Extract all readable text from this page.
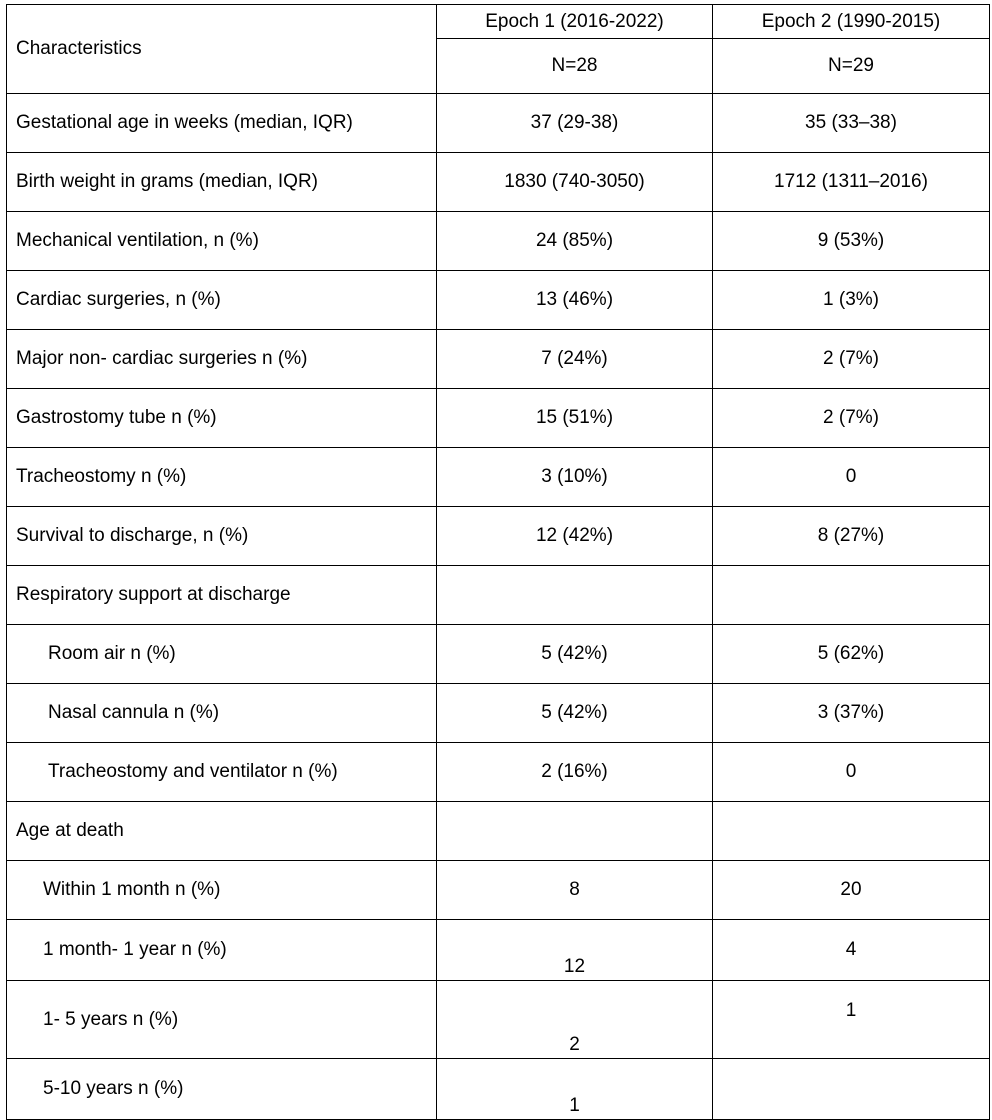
Characteristics	Epoch 1 (2016-2022)	Epoch 2 (1990-2015)
	N=28	N=29
Gestational age in weeks (median, IQR)	37 (29-38)	35 (33–38)
Birth weight in grams (median, IQR)	1830 (740-3050)	1712 (1311–2016)
Mechanical ventilation, n (%)	24 (85%)	9 (53%)
Cardiac surgeries, n (%)	13 (46%)	1 (3%)
Major non- cardiac surgeries n (%)	7 (24%)	2 (7%)
Gastrostomy tube n (%)	15 (51%)	2 (7%)
Tracheostomy n (%)	3 (10%)	0
Survival to discharge, n (%)	12 (42%)	8 (27%)
Respiratory support at discharge		
Room air n (%)	5 (42%)	5 (62%)
Nasal cannula n (%)	5 (42%)	3 (37%)
Tracheostomy and ventilator n (%)	2 (16%)	0
Age at death		
Within 1 month n (%)	8	20
1 month- 1 year n (%)	12	4
1- 5 years n (%)	2	1
5-10 years n (%)	1	
